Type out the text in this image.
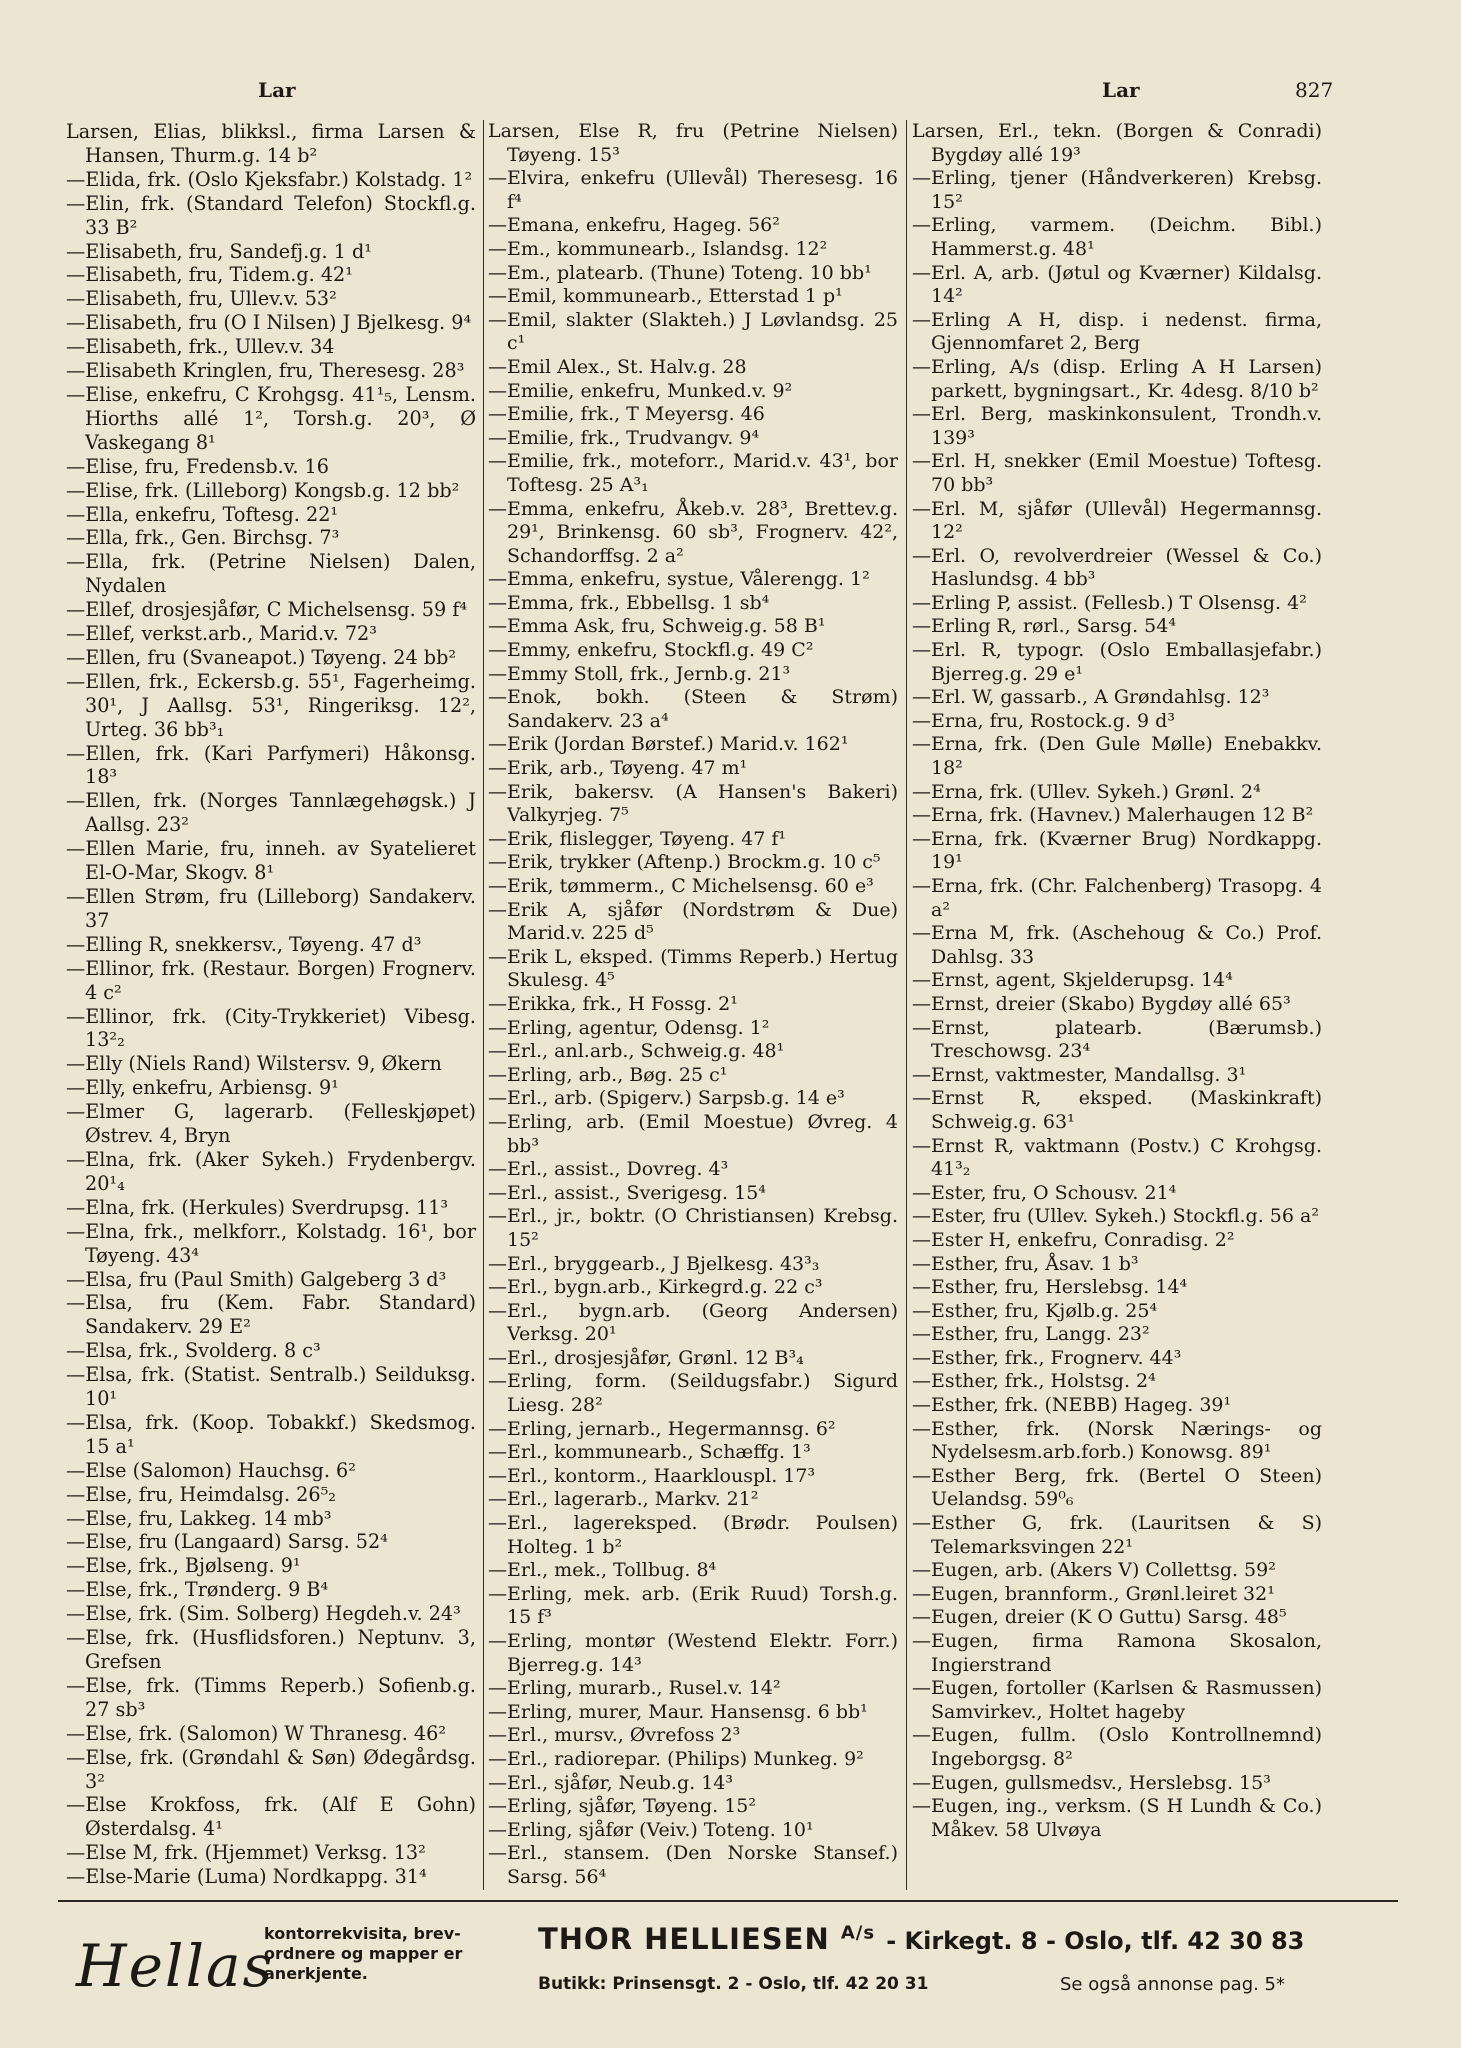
Lar	Lar	827

Larsen, Elias, blikksl., firma Larsen & Hansen, Thurm.g. 14 b²

—Elida, frk. (Oslo Kjeksfabr.) Kolstadg. 1²

—Elin, frk. (Standard Telefon) Stockfl.g. 33 B²

—Elisabeth, fru, Sandefj.g. 1 d¹

—Elisabeth, fru, Tidem.g. 42¹

—Elisabeth, fru, Ullev.v. 53²

—Elisabeth, fru (O I Nilsen) J Bjelkesg. 9⁴

—Elisabeth, frk., Ullev.v. 34

—Elisabeth Kringlen, fru, Theresesg. 28³

—Elise, enkefru, C Krohgsg. 41¹₅, Lensm. Hiorths allé 1², Torsh.g. 20³, Ø Vaskegang 8¹

—Elise, fru, Fredensb.v. 16

—Elise, frk. (Lilleborg) Kongsb.g. 12 bb²

—Ella, enkefru, Toftesg. 22¹

—Ella, frk., Gen. Birchsg. 7³

—Ella, frk. (Petrine Nielsen) Dalen, Nydalen

—Ellef, drosjesjåfør, C Michelsensg. 59 f⁴

—Ellef, verkst.arb., Marid.v. 72³

—Ellen, fru (Svaneapot.) Tøyeng. 24 bb²

—Ellen, frk., Eckersb.g. 55¹, Fagerheimg. 30¹, J Aallsg. 53¹, Ringeriksg. 12², Urteg. 36 bb³₁

—Ellen, frk. (Kari Parfymeri) Håkonsg. 18³

—Ellen, frk. (Norges Tannlægehøgsk.) J Aallsg. 23²

—Ellen Marie, fru, inneh. av Syatelieret El-O-Mar, Skogv. 8¹

—Ellen Strøm, fru (Lilleborg) Sandakerv. 37

—Elling R, snekkersv., Tøyeng. 47 d³

—Ellinor, frk. (Restaur. Borgen) Frognerv. 4 c²

—Ellinor, frk. (City-Trykkeriet) Vibesg. 13²₂

—Elly (Niels Rand) Wilstersv. 9, Økern

—Elly, enkefru, Arbiensg. 9¹

—Elmer G, lagerarb. (Felleskjøpet) Østrev. 4, Bryn

—Elna, frk. (Aker Sykeh.) Frydenbergv. 20¹₄

—Elna, frk. (Herkules) Sverdrupsg. 11³

—Elna, frk., melkforr., Kolstadg. 16¹, bor Tøyeng. 43⁴

—Elsa, fru (Paul Smith) Galgeberg 3 d³

—Elsa, fru (Kem. Fabr. Standard) Sandakerv. 29 E²

—Elsa, frk., Svolderg. 8 c³

—Elsa, frk. (Statist. Sentralb.) Seilduksg. 10¹

—Elsa, frk. (Koop. Tobakkf.) Skedsmog. 15 a¹

—Else (Salomon) Hauchsg. 6²

—Else, fru, Heimdalsg. 26⁵₂

—Else, fru, Lakkeg. 14 mb³

—Else, fru (Langaard) Sarsg. 52⁴

—Else, frk., Bjølseng. 9¹

—Else, frk., Trønderg. 9 B⁴

—Else, frk. (Sim. Solberg) Hegdeh.v. 24³

—Else, frk. (Husflidsforen.) Neptunv. 3, Grefsen

—Else, frk. (Timms Reperb.) Sofienb.g. 27 sb³

—Else, frk. (Salomon) W Thranesg. 46²

—Else, frk. (Grøndahl & Søn) Ødegårdsg. 3²

—Else Krokfoss, frk. (Alf E Gohn) Østerdalsg. 4¹

—Else M, frk. (Hjemmet) Verksg. 13²

—Else-Marie (Luma) Nordkappg. 31⁴

Larsen, Else R, fru (Petrine Nielsen) Tøyeng. 15³

—Elvira, enkefru (Ullevål) Theresesg. 16 f⁴

—Emana, enkefru, Hageg. 56²

—Em., kommunearb., Islandsg. 12²

—Em., platearb. (Thune) Toteng. 10 bb¹

—Emil, kommunearb., Etterstad 1 p¹

—Emil, slakter (Slakteh.) J Løvlandsg. 25 c¹

—Emil Alex., St. Halv.g. 28

—Emilie, enkefru, Munked.v. 9²

—Emilie, frk., T Meyersg. 46

—Emilie, frk., Trudvangv. 9⁴

—Emilie, frk., moteforr., Marid.v. 43¹, bor Toftesg. 25 A³₁

—Emma, enkefru, Åkeb.v. 28³, Brettev.g. 29¹, Brinkensg. 60 sb³, Frognerv. 42², Schandorffsg. 2 a²

—Emma, enkefru, systue, Vålerengg. 1²

—Emma, frk., Ebbellsg. 1 sb⁴

—Emma Ask, fru, Schweig.g. 58 B¹

—Emmy, enkefru, Stockfl.g. 49 C²

—Emmy Stoll, frk., Jernb.g. 21³

—Enok, bokh. (Steen & Strøm) Sandakerv. 23 a⁴

—Erik (Jordan Børstef.) Marid.v. 162¹

—Erik, arb., Tøyeng. 47 m¹

—Erik, bakersv. (A Hansen's Bakeri) Valkyrjeg. 7⁵

—Erik, flislegger, Tøyeng. 47 f¹

—Erik, trykker (Aftenp.) Brockm.g. 10 c⁵

—Erik, tømmerm., C Michelsensg. 60 e³

—Erik A, sjåfør (Nordstrøm & Due) Marid.v. 225 d⁵

—Erik L, eksped. (Timms Reperb.) Hertug Skulesg. 4⁵

—Erikka, frk., H Fossg. 2¹

—Erling, agentur, Odensg. 1²

—Erl., anl.arb., Schweig.g. 48¹

—Erling, arb., Bøg. 25 c¹

—Erl., arb. (Spigerv.) Sarpsb.g. 14 e³

—Erling, arb. (Emil Moestue) Øvreg. 4 bb³

—Erl., assist., Dovreg. 4³

—Erl., assist., Sverigesg. 15⁴

—Erl., jr., boktr. (O Christiansen) Krebsg. 15²

—Erl., bryggearb., J Bjelkesg. 43³₃

—Erl., bygn.arb., Kirkegrd.g. 22 c³

—Erl., bygn.arb. (Georg Andersen) Verksg. 20¹

—Erl., drosjesjåfør, Grønl. 12 B³₄

—Erling, form. (Seildugsfabr.) Sigurd Liesg. 28²

—Erling, jernarb., Hegermannsg. 6²

—Erl., kommunearb., Schæffg. 1³

—Erl., kontorm., Haarklouspl. 17³

—Erl., lagerarb., Markv. 21²

—Erl., lagereksped. (Brødr. Poulsen) Holteg. 1 b²

—Erl., mek., Tollbug. 8⁴

—Erling, mek. arb. (Erik Ruud) Torsh.g. 15 f³

—Erling, montør (Westend Elektr. Forr.) Bjerreg.g. 14³

—Erling, murarb., Rusel.v. 14²

—Erling, murer, Maur. Hansensg. 6 bb¹

—Erl., mursv., Øvrefoss 2³

—Erl., radiorepar. (Philips) Munkeg. 9²

—Erl., sjåfør, Neub.g. 14³

—Erling, sjåfør, Tøyeng. 15²

—Erling, sjåfør (Veiv.) Toteng. 10¹

—Erl., stansem. (Den Norske Stansef.) Sarsg. 56⁴

Larsen, Erl., tekn. (Borgen & Conradi) Bygdøy allé 19³

—Erling, tjener (Håndverkeren) Krebsg. 15²

—Erling, varmem. (Deichm. Bibl.) Hammerst.g. 48¹

—Erl. A, arb. (Jøtul og Kværner) Kildalsg. 14²

—Erling A H, disp. i nedenst. firma, Gjennomfaret 2, Berg

—Erling, A/s (disp. Erling A H Larsen) parkett, bygningsart., Kr. 4desg. 8/10 b²

—Erl. Berg, maskinkonsulent, Trondh.v. 139³

—Erl. H, snekker (Emil Moestue) Toftesg. 70 bb³

—Erl. M, sjåfør (Ullevål) Hegermannsg. 12²

—Erl. O, revolverdreier (Wessel & Co.) Haslundsg. 4 bb³

—Erling P, assist. (Fellesb.) T Olsensg. 4²

—Erling R, rørl., Sarsg. 54⁴

—Erl. R, typogr. (Oslo Emballasjefabr.) Bjerreg.g. 29 e¹

—Erl. W, gassarb., A Grøndahlsg. 12³

—Erna, fru, Rostock.g. 9 d³

—Erna, frk. (Den Gule Mølle) Enebakkv. 18²

—Erna, frk. (Ullev. Sykeh.) Grønl. 2⁴

—Erna, frk. (Havnev.) Malerhaugen 12 B²

—Erna, frk. (Kværner Brug) Nordkappg. 19¹

—Erna, frk. (Chr. Falchenberg) Trasopg. 4 a²

—Erna M, frk. (Aschehoug & Co.) Prof. Dahlsg. 33

—Ernst, agent, Skjelderupsg. 14⁴

—Ernst, dreier (Skabo) Bygdøy allé 65³

—Ernst, platearb. (Bærumsb.) Treschowsg. 23⁴

—Ernst, vaktmester, Mandallsg. 3¹

—Ernst R, eksped. (Maskinkraft) Schweig.g. 63¹

—Ernst R, vaktmann (Postv.) C Krohgsg. 41³₂

—Ester, fru, O Schousv. 21⁴

—Ester, fru (Ullev. Sykeh.) Stockfl.g. 56 a²

—Ester H, enkefru, Conradisg. 2²

—Esther, fru, Åsav. 1 b³

—Esther, fru, Herslebsg. 14⁴

—Esther, fru, Kjølb.g. 25⁴

—Esther, fru, Langg. 23²

—Esther, frk., Frognerv. 44³

—Esther, frk., Holstsg. 2⁴

—Esther, frk. (NEBB) Hageg. 39¹

—Esther, frk. (Norsk Nærings- og Nydelsesm.arb.forb.) Konowsg. 89¹

—Esther Berg, frk. (Bertel O Steen) Uelandsg. 59⁰₆

—Esther G, frk. (Lauritsen & S) Telemarksvingen 22¹

—Eugen, arb. (Akers V) Collettsg. 59²

—Eugen, brannform., Grønl.leiret 32¹

—Eugen, dreier (K O Guttu) Sarsg. 48⁵

—Eugen, firma Ramona Skosalon, Ingierstrand

—Eugen, fortoller (Karlsen & Rasmussen) Samvirkev., Holtet hageby

—Eugen, fullm. (Oslo Kontrollnemnd) Ingeborgsg. 8²

—Eugen, gullsmedsv., Herslebsg. 15³

—Eugen, ing., verksm. (S H Lundh & Co.) Måkev. 58 Ulvøya

Hellas
kontorrekvisita, brev-
ordnere og mapper er
anerkjente.
THOR HELLIESEN $^{A/s}$ - Kirkegt. 8 - Oslo, tlf. 42 30 83
Butikk: Prinsensgt. 2 - Oslo, tlf. 42 20 31	Se også annonse pag. 5*
